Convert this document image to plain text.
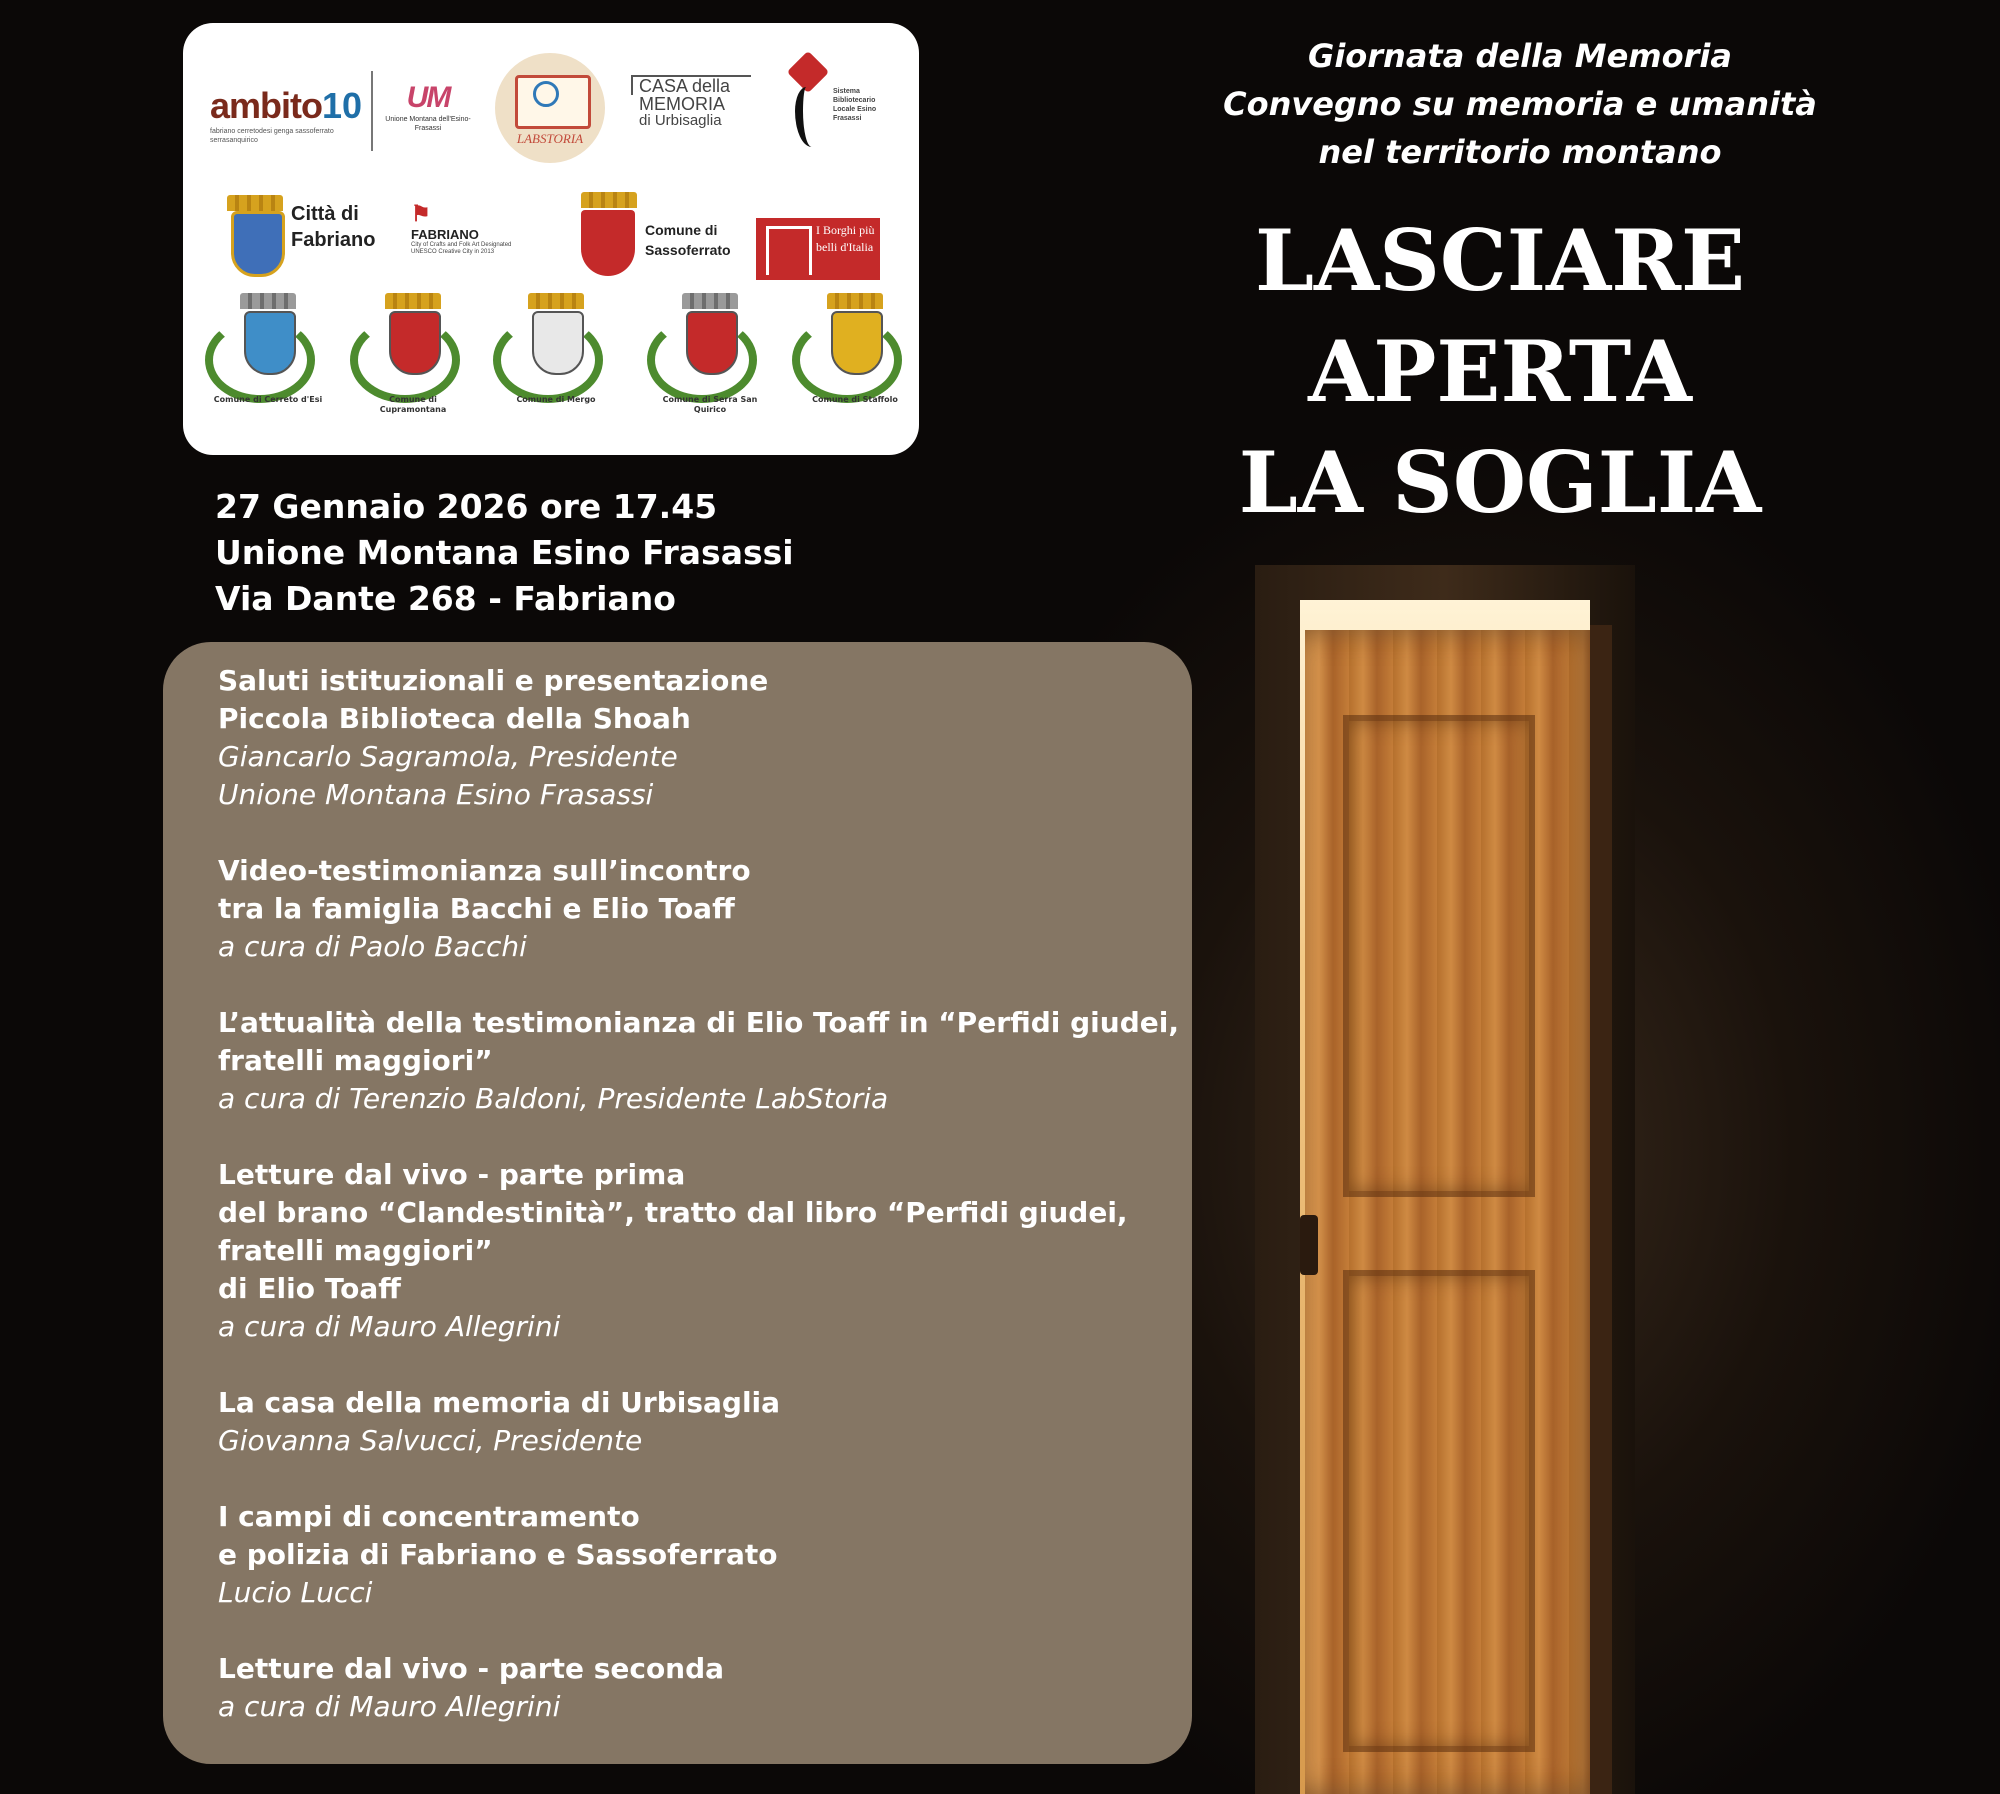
ambito10
fabriano cerretodesi genga sassoferrato serrasanquirico
UM
Unione Montana dell'Esino-Frasassi
LABSTORIA
CASA della
MEMORIA
di Urbisaglia
Sistema Bibliotecario Locale Esino Frasassi
Città di Fabriano
⚑
FABRIANO
City of Crafts and Folk Art Designated UNESCO Creative City in 2013
Comune di Sassoferrato
I Borghi più belli d'Italia
Comune di Cerreto d'Esi	Comune di Cupramontana
Comune di Mergo	Comune di Serra San Quirico
Comune di Staffolo
27 Gennaio 2026 ore 17.45
Unione Montana Esino Frasassi
Via Dante 268 - Fabriano
Giornata della Memoria
Convegno su memoria e umanità
nel territorio montano
LASCIARE
APERTA
LA SOGLIA
Saluti istituzionali e presentazione
Piccola Biblioteca della Shoah
Giancarlo Sagramola, Presidente
Unione Montana Esino Frasassi
Video-testimonianza sull’incontro
tra la famiglia Bacchi e Elio Toaff
a cura di Paolo Bacchi
L’attualità della testimonianza di Elio Toaff in “Perfidi giudei,
fratelli maggiori”
a cura di Terenzio Baldoni, Presidente LabStoria
Letture dal vivo - parte prima
del brano “Clandestinità”, tratto dal libro “Perfidi giudei,
fratelli maggiori”
di Elio Toaff
a cura di Mauro Allegrini
La casa della memoria di Urbisaglia
Giovanna Salvucci, Presidente
I campi di concentramento
e polizia di Fabriano e Sassoferrato
Lucio Lucci
Letture dal vivo - parte seconda
a cura di Mauro Allegrini
